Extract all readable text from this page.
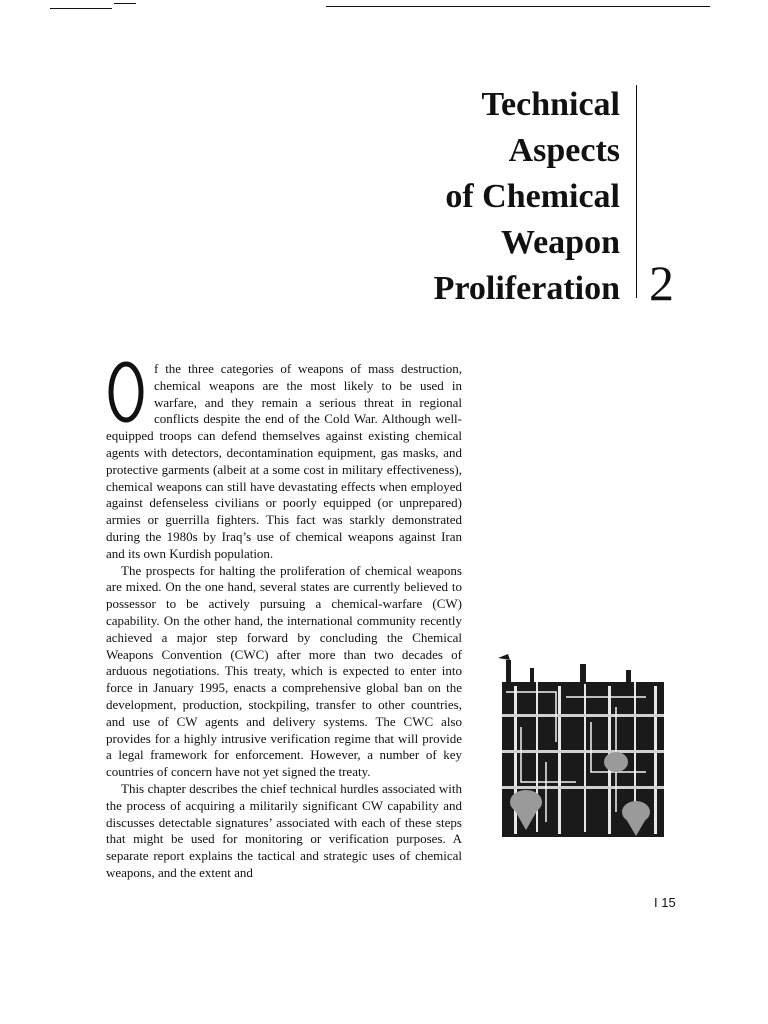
Technical
Aspects
of Chemical
Weapon
Proliferation 2

f the three categories of weapons of mass destruction, chemical weapons are the most likely to be used in warfare, and they remain a serious threat in regional conflicts despite the end of the Cold War. Although well-equipped troops can defend themselves against existing chemical agents with detectors, decontamination equipment, gas masks, and protective garments (albeit at a some cost in military effectiveness), chemical weapons can still have devastating effects when employed against defenseless civilians or poorly equipped (or unprepared) armies or guerrilla fighters. This fact was starkly demonstrated during the 1980s by Iraq’s use of chemical weapons against Iran and its own Kurdish population.

The prospects for halting the proliferation of chemical weapons are mixed. On the one hand, several states are currently believed to possessor to be actively pursuing a chemical-warfare (CW) capability. On the other hand, the international community recently achieved a major step forward by concluding the Chemical Weapons Convention (CWC) after more than two decades of arduous negotiations. This treaty, which is expected to enter into force in January 1995, enacts a comprehensive global ban on the development, production, stockpiling, transfer to other countries, and use of CW agents and delivery systems. The CWC also provides for a highly intrusive verification regime that will provide a legal framework for enforcement. However, a number of key countries of concern have not yet signed the treaty.

This chapter describes the chief technical hurdles associated with the process of acquiring a militarily significant CW capability and discusses detectable signatures’ associated with each of these steps that might be used for monitoring or verification purposes. A separate report explains the tactical and strategic uses of chemical weapons, and the extent and

I 15
